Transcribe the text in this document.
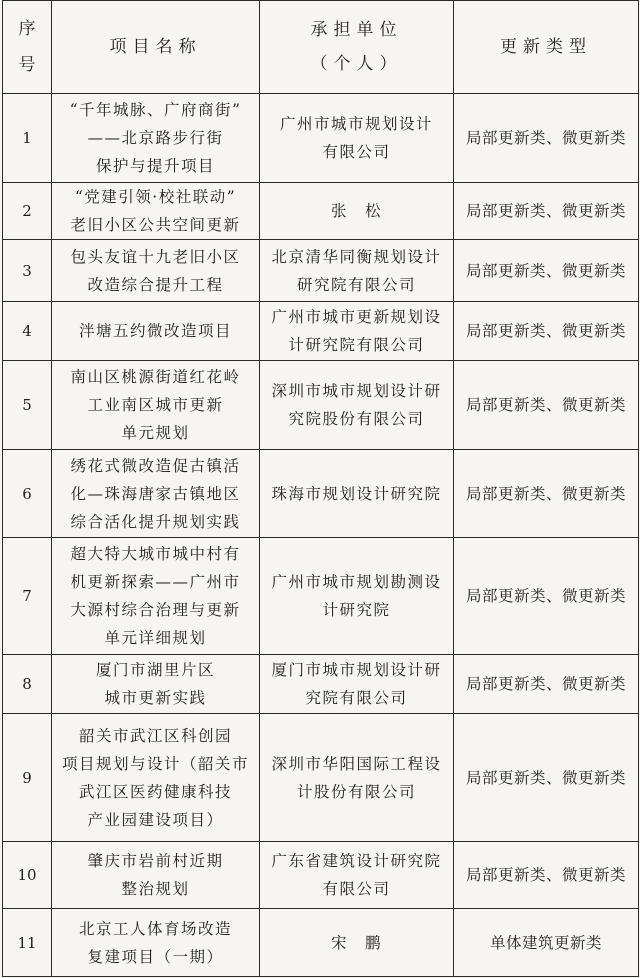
序
号	项目名称	承担单位
（个人）	更新类型
1	“千年城脉、广府商街”
——北京路步行街
保护与提升项目	广州市城市规划设计
有限公司	局部更新类、微更新类
2	“党建引领·校社联动”
老旧小区公共空间更新	张　松	局部更新类、微更新类
3	包头友谊十九老旧小区
改造综合提升工程	北京清华同衡规划设计
研究院有限公司	局部更新类、微更新类
4	泮塘五约微改造项目	广州市城市更新规划设
计研究院有限公司	局部更新类、微更新类
5	南山区桃源街道红花岭
工业南区城市更新
单元规划	深圳市城市规划设计研
究院股份有限公司	局部更新类、微更新类
6	绣花式微改造促古镇活
化—珠海唐家古镇地区
综合活化提升规划实践	珠海市规划设计研究院	局部更新类、微更新类
7	超大特大城市城中村有
机更新探索——广州市
大源村综合治理与更新
单元详细规划	广州市城市规划勘测设
计研究院	局部更新类、微更新类
8	厦门市湖里片区
城市更新实践	厦门市城市规划设计研
究院有限公司	局部更新类、微更新类
9	韶关市武江区科创园
项目规划与设计（韶关市
武江区医药健康科技
产业园建设项目）	深圳市华阳国际工程设
计股份有限公司	局部更新类、微更新类
10	肇庆市岩前村近期
整治规划	广东省建筑设计研究院
有限公司	局部更新类、微更新类
11	北京工人体育场改造
复建项目（一期）	宋　鹏	单体建筑更新类
